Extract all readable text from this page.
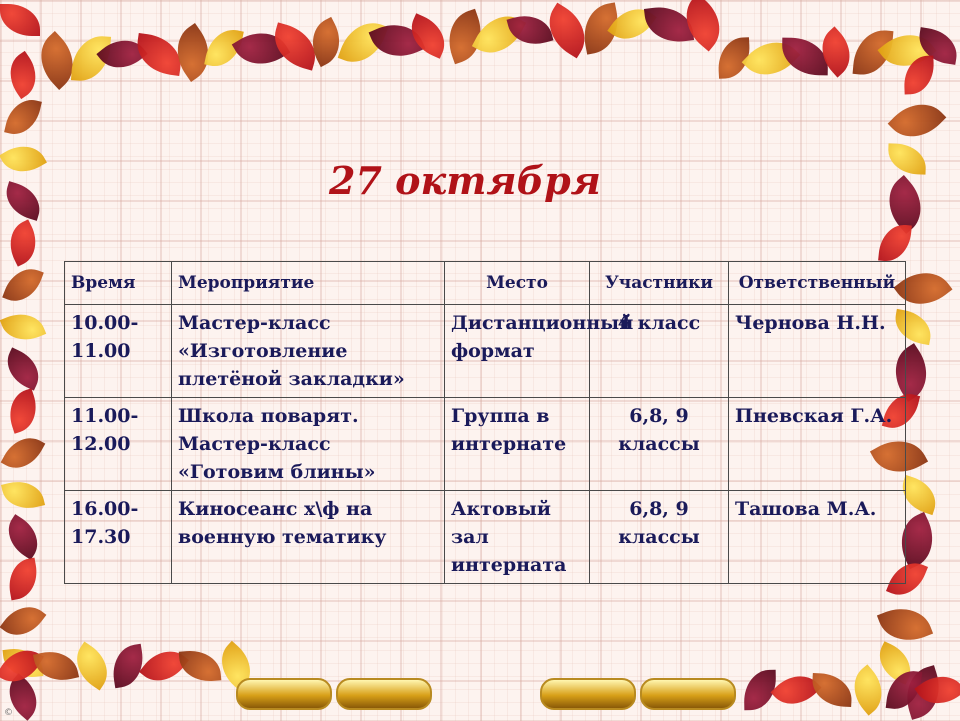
27 октября
Время	Мероприятие	Место	Участники	Ответственный
10.00-11.00	Мастер-класс «Изготовление плетёной закладки»	Дистанционный формат	4 класс	Чернова Н.Н.
11.00-12.00	Школа поварят. Мастер-класс «Готовим блины»	Группа в интернате	6,8, 9 классы	Пневская Г.А.
16.00-17.30	Киносеанс х\ф на военную тематику	Актовый зал интерната	6,8, 9 классы	Ташова М.А.
©
